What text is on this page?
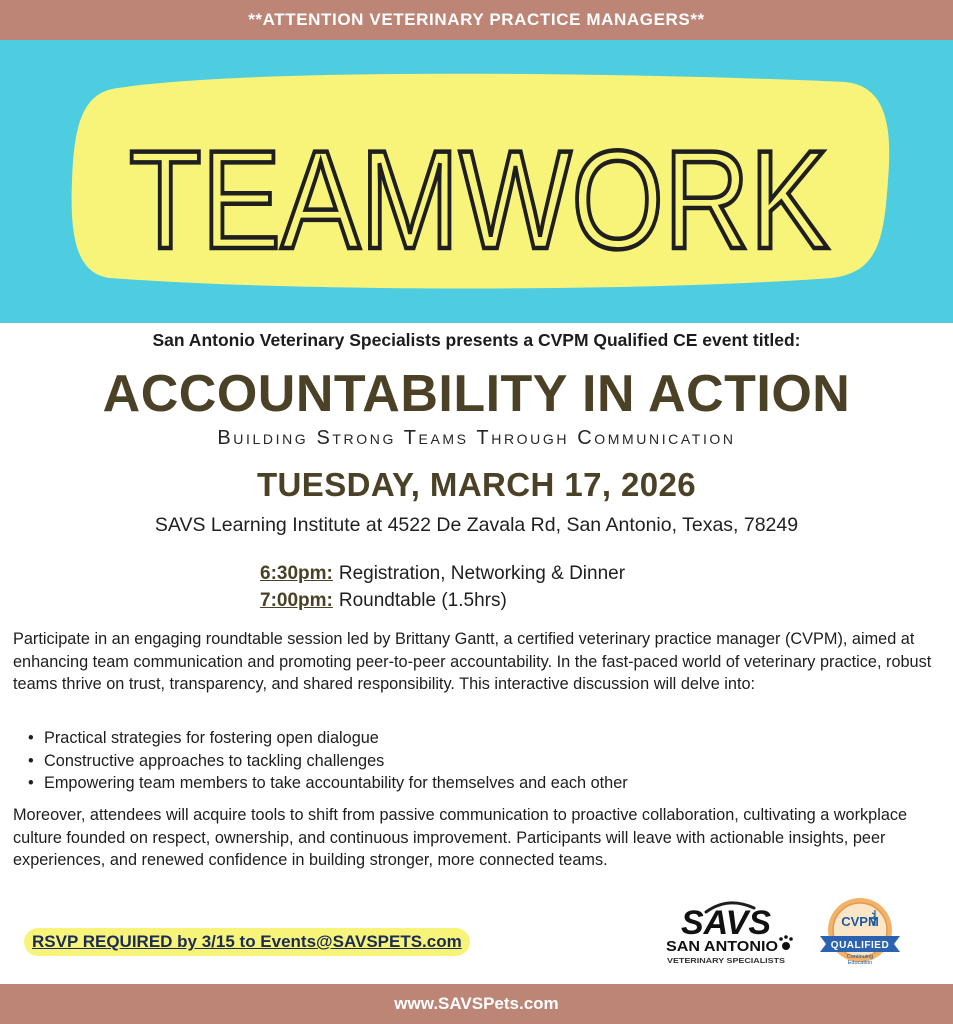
**ATTENTION VETERINARY PRACTICE MANAGERS**
TEAMWORK
San Antonio Veterinary Specialists presents a CVPM Qualified CE event titled:
ACCOUNTABILITY IN ACTION
Building Strong Teams Through Communication
TUESDAY, MARCH 17, 2026
SAVS Learning Institute at 4522 De Zavala Rd, San Antonio, Texas, 78249
6:30pm: Registration, Networking & Dinner
7:00pm: Roundtable (1.5hrs)

Participate in an engaging roundtable session led by Brittany Gantt, a certified veterinary practice manager (CVPM), aimed at enhancing team communication and promoting peer-to-peer accountability. In the fast-paced world of veterinary practice, robust teams thrive on trust, transparency, and shared responsibility. This interactive discussion will delve into:

• Practical strategies for fostering open dialogue
• Constructive approaches to tackling challenges
• Empowering team members to take accountability for themselves and each other

Moreover, attendees will acquire tools to shift from passive communication to proactive collaboration, cultivating a workplace culture founded on respect, ownership, and continuous improvement. Participants will leave with actionable insights, peer experiences, and renewed confidence in building stronger, more connected teams.

RSVP REQUIRED by 3/15 to Events@SAVSPETS.com	SAVS
SAN ANTONIO
VETERINARY SPECIALISTS
CVPM
QUALIFIED
Continuing
Education
www.SAVSPets.com
